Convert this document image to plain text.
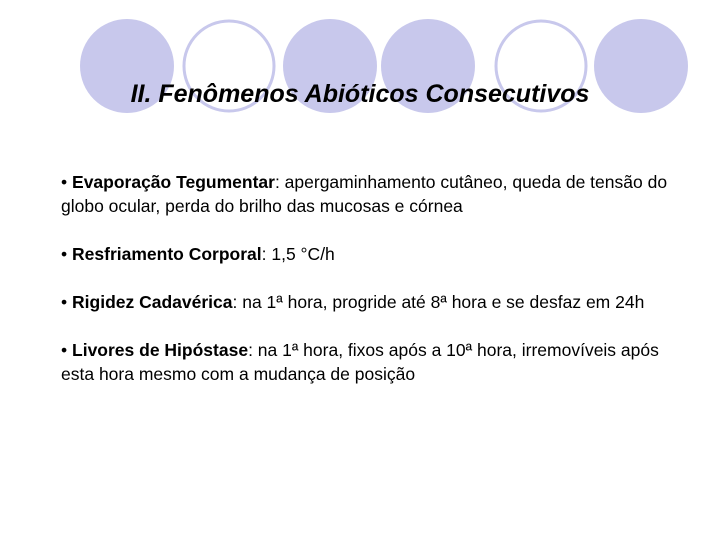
II. Fenômenos Abióticos Consecutivos
• Evaporação Tegumentar: apergaminhamento cutâneo, queda de tensão do globo ocular, perda do brilho das mucosas e córnea
• Resfriamento Corporal: 1,5 °C/h
• Rigidez Cadavérica: na 1ª hora, progride até 8ª hora e se desfaz em 24h
• Livores de Hipóstase: na 1ª hora, fixos após a 10ª hora, irremovíveis após esta hora mesmo com a mudança de posição
